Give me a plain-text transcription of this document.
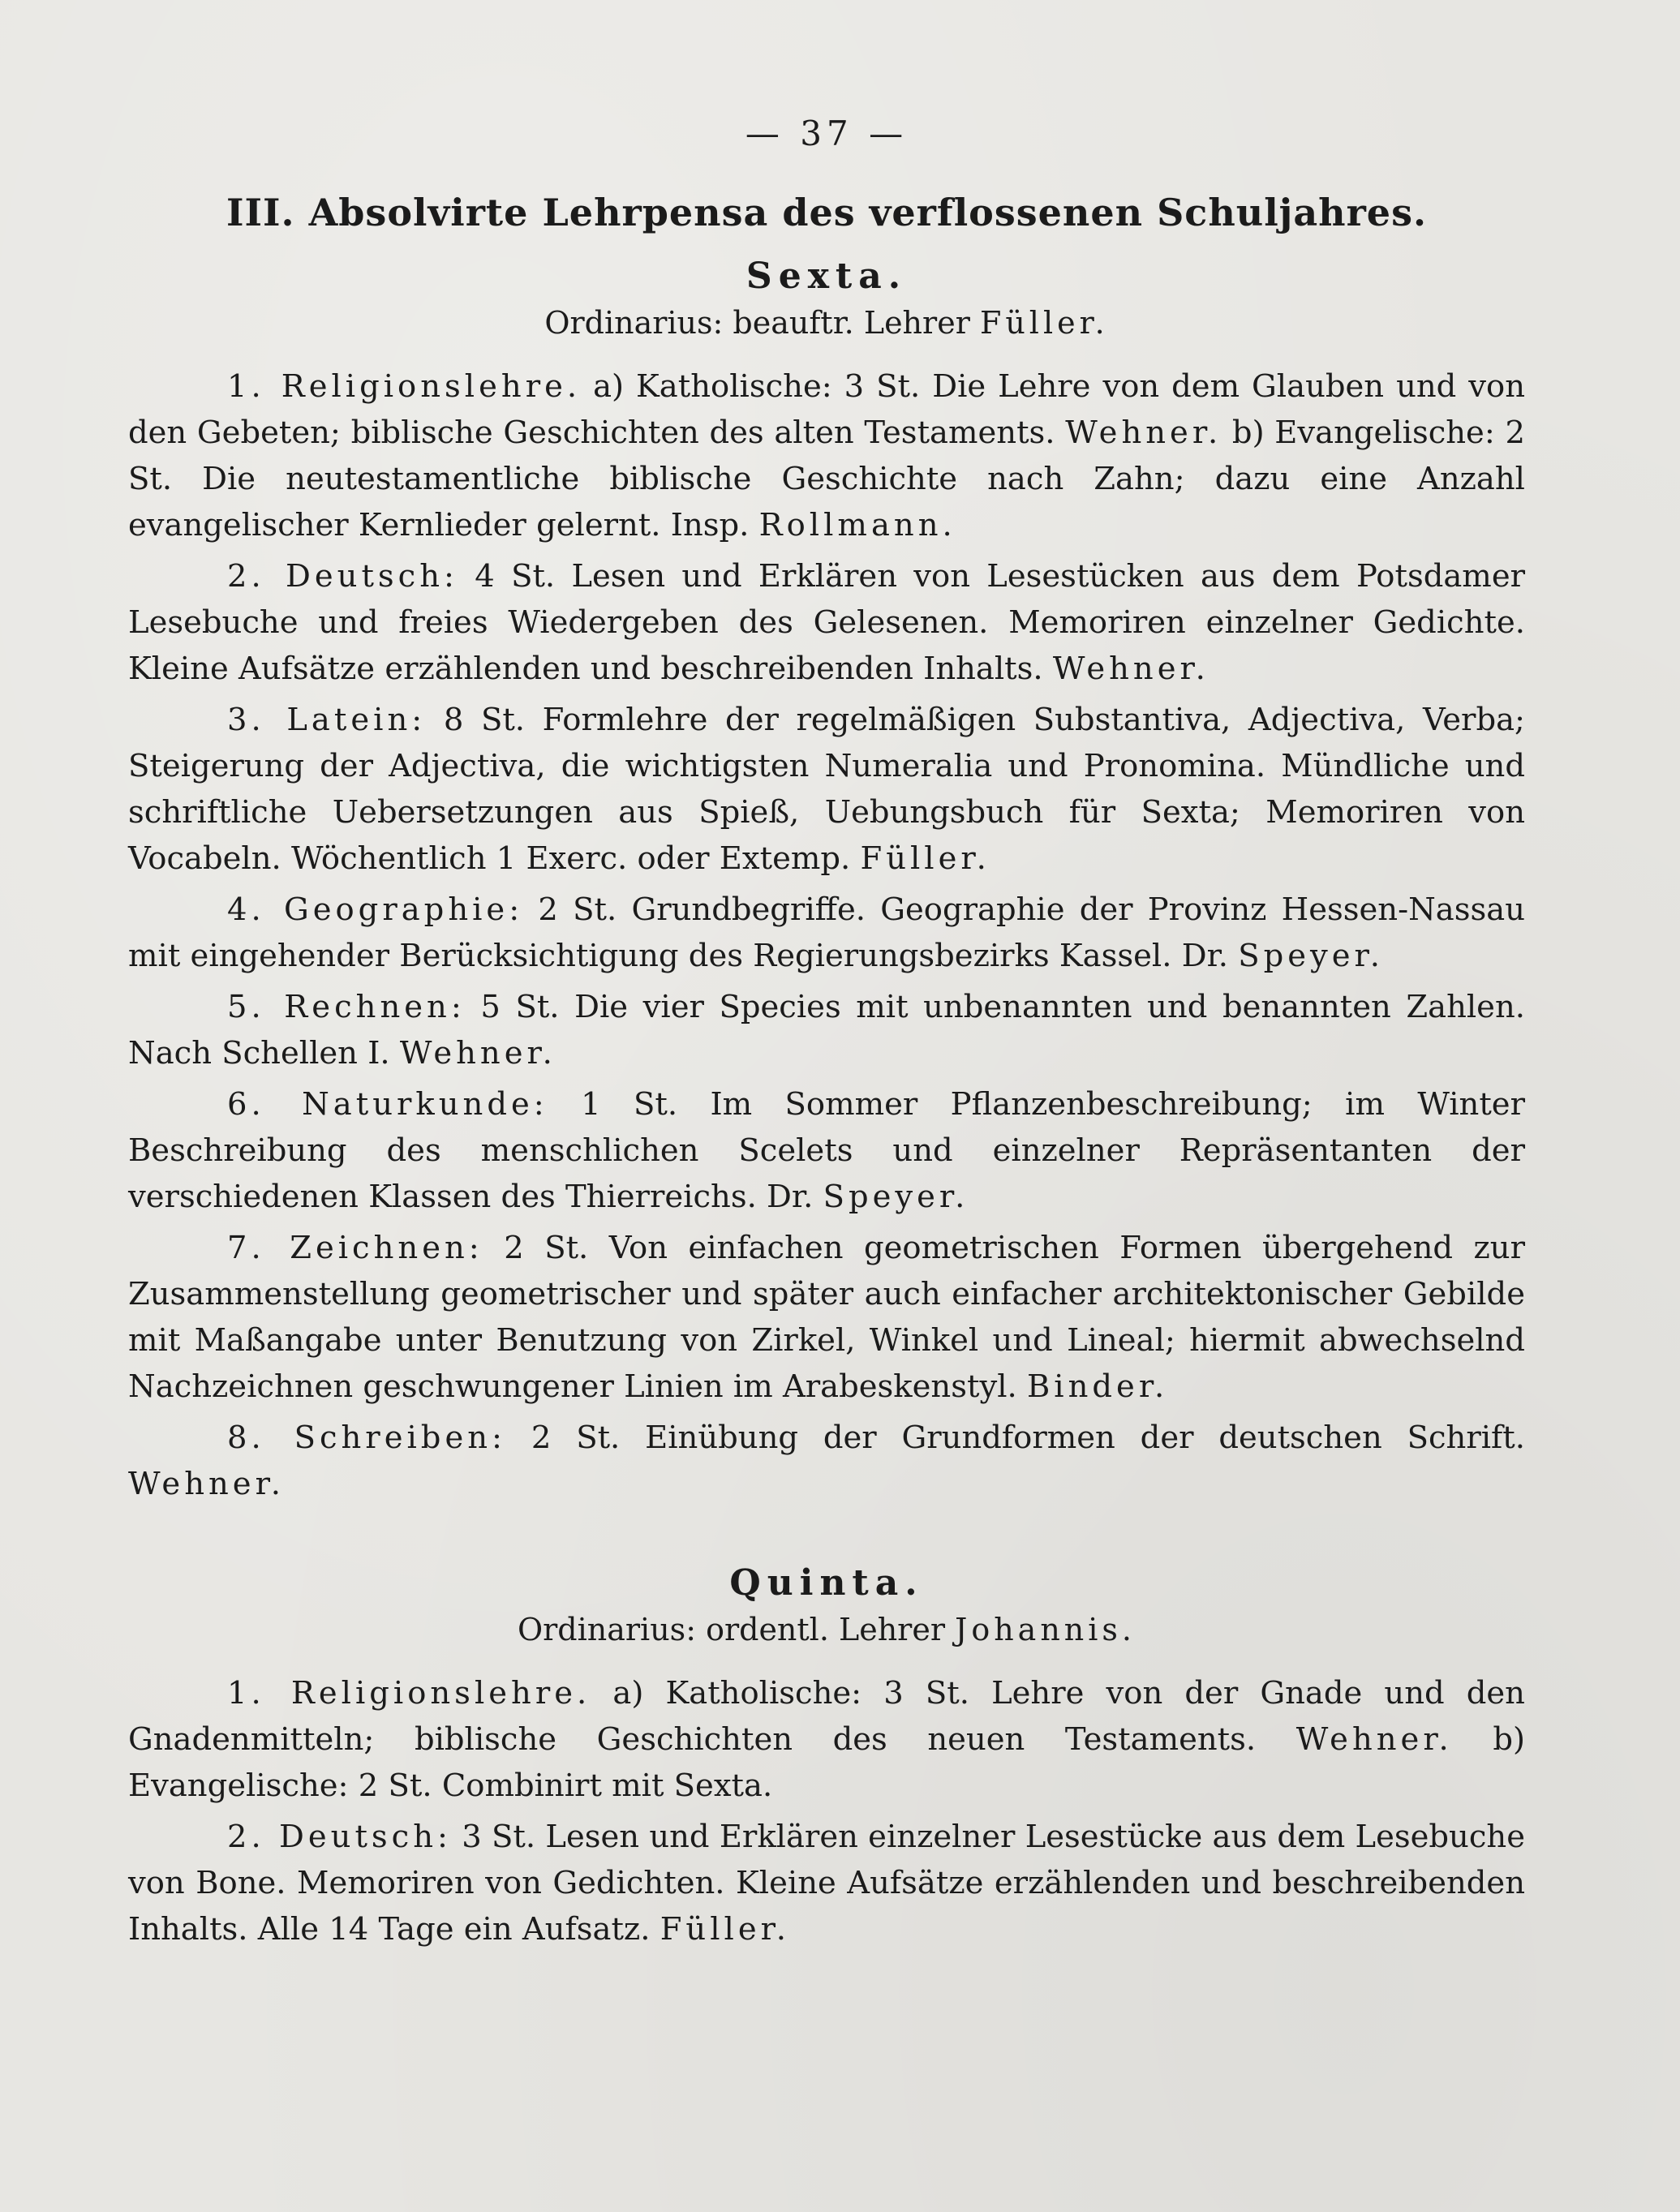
— 37 —
III. Absolvirte Lehrpensa des verflossenen Schuljahres.
Sexta.
Ordinarius: beauftr. Lehrer Füller.

1. Religionslehre. a) Katholische: 3 St. Die Lehre von dem Glauben und von den Gebeten; biblische Geschichten des alten Testaments. Wehner. b) Evangelische: 2 St. Die neutestamentliche biblische Geschichte nach Zahn; dazu eine Anzahl evangelischer Kernlieder gelernt. Insp. Rollmann.

2. Deutsch: 4 St. Lesen und Erklären von Lesestücken aus dem Potsdamer Lesebuche und freies Wiedergeben des Gelesenen. Memoriren einzelner Gedichte. Kleine Aufsätze erzählenden und beschreibenden Inhalts. Wehner.

3. Latein: 8 St. Formlehre der regelmäßigen Substantiva, Adjectiva, Verba; Steigerung der Adjectiva, die wichtigsten Numeralia und Pronomina. Mündliche und schriftliche Uebersetzungen aus Spieß, Uebungsbuch für Sexta; Memoriren von Vocabeln. Wöchentlich 1 Exerc. oder Extemp. Füller.

4. Geographie: 2 St. Grundbegriffe. Geographie der Provinz Hessen-Nassau mit eingehender Berücksichtigung des Regierungsbezirks Kassel. Dr. Speyer.

5. Rechnen: 5 St. Die vier Species mit unbenannten und benannten Zahlen. Nach Schellen I. Wehner.

6. Naturkunde: 1 St. Im Sommer Pflanzenbeschreibung; im Winter Beschreibung des menschlichen Scelets und einzelner Repräsentanten der verschiedenen Klassen des Thierreichs. Dr. Speyer.

7. Zeichnen: 2 St. Von einfachen geometrischen Formen übergehend zur Zusammenstellung geometrischer und später auch einfacher architektonischer Gebilde mit Maßangabe unter Benutzung von Zirkel, Winkel und Lineal; hiermit abwechselnd Nachzeichnen geschwungener Linien im Arabeskenstyl. Binder.

8. Schreiben: 2 St. Einübung der Grundformen der deutschen Schrift. Wehner.

Quinta.
Ordinarius: ordentl. Lehrer Johannis.

1. Religionslehre. a) Katholische: 3 St. Lehre von der Gnade und den Gnadenmitteln; biblische Geschichten des neuen Testaments. Wehner. b) Evangelische: 2 St. Combinirt mit Sexta.

2. Deutsch: 3 St. Lesen und Erklären einzelner Lesestücke aus dem Lesebuche von Bone. Memoriren von Gedichten. Kleine Aufsätze erzählenden und beschreibenden Inhalts. Alle 14 Tage ein Aufsatz. Füller.
